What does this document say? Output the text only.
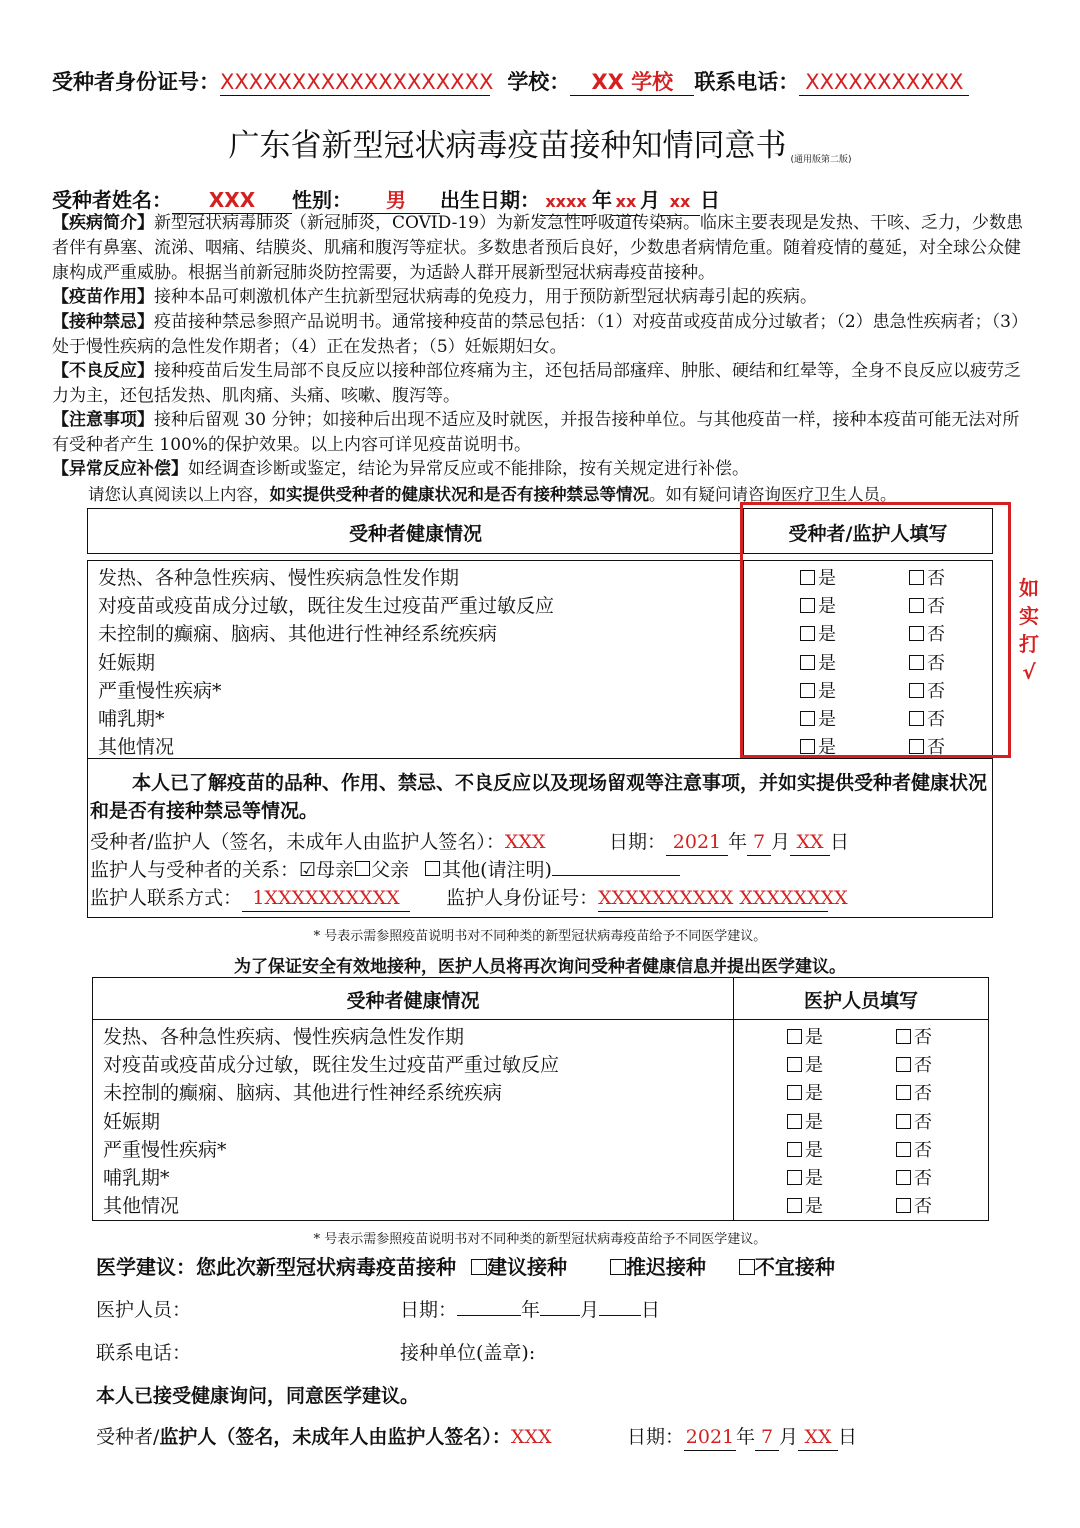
受种者身份证号：XXXXXXXXXXXXXXXXXXX 学校： XX 学校 联系电话： XXXXXXXXXXX
广东省新型冠状病毒疫苗接种知情同意书 (通用版第二版)
受种者姓名： XXX 性别： 男 出生日期： xxxx 年 xx 月 xx 日
【疾病简介】新型冠状病毒肺炎（新冠肺炎，COVID-19）为新发急性呼吸道传染病。临床主要表现是发热、干咳、乏力，少数患者伴有鼻塞、流涕、咽痛、结膜炎、肌痛和腹泻等症状。多数患者预后良好，少数患者病情危重。随着疫情的蔓延，对全球公众健康构成严重威胁。根据当前新冠肺炎防控需要，为适龄人群开展新型冠状病毒疫苗接种。
【疫苗作用】接种本品可刺激机体产生抗新型冠状病毒的免疫力，用于预防新型冠状病毒引起的疾病。
【接种禁忌】疫苗接种禁忌参照产品说明书。通常接种疫苗的禁忌包括：（1）对疫苗或疫苗成分过敏者；（2）患急性疾病者；（3）处于慢性疾病的急性发作期者；（4）正在发热者；（5）妊娠期妇女。
【不良反应】接种疫苗后发生局部不良反应以接种部位疼痛为主，还包括局部瘙痒、肿胀、硬结和红晕等，全身不良反应以疲劳乏力为主，还包括发热、肌肉痛、头痛、咳嗽、腹泻等。
【注意事项】接种后留观 30 分钟；如接种后出现不适应及时就医，并报告接种单位。与其他疫苗一样，接种本疫苗可能无法对所有受种者产生 100%的保护效果。以上内容可详见疫苗说明书。
【异常反应补偿】如经调查诊断或鉴定，结论为异常反应或不能排除，按有关规定进行补偿。
请您认真阅读以上内容，如实提供受种者的健康状况和是否有接种禁忌等情况。如有疑问请咨询医疗卫生人员。
受种者健康情况	受种者/监护人填写
发热、各种急性疾病、慢性疾病急性发作期	是	否
对疫苗或疫苗成分过敏，既往发生过疫苗严重过敏反应	是	否
未控制的癫痫、脑病、其他进行性神经系统疾病	是	否
妊娠期	是	否
严重慢性疾病*	是	否
哺乳期*	是	否
其他情况	是	否
如
实
打
√
本人已了解疫苗的品种、作用、禁忌、不良反应以及现场留观等注意事项，并如实提供受种者健康状况和是否有接种禁忌等情况。
受种者/监护人（签名，未成年人由监护人签名）：XXX	日期： 2021 年 7 月 XX 日
监护人与受种者的关系：☑母亲 父亲 其他(请注明)
监护人联系方式： 1XXXXXXXXXX 监护人身份证号：XXXXXXXXXX XXXXXXXX
* 号表示需参照疫苗说明书对不同种类的新型冠状病毒疫苗给予不同医学建议。
为了保证安全有效地接种，医护人员将再次询问受种者健康信息并提出医学建议。
受种者健康情况	医护人员填写
发热、各种急性疾病、慢性疾病急性发作期	是	否
对疫苗或疫苗成分过敏，既往发生过疫苗严重过敏反应	是	否
未控制的癫痫、脑病、其他进行性神经系统疾病	是	否
妊娠期	是	否
严重慢性疾病*	是	否
哺乳期*	是	否
其他情况	是	否
* 号表示需参照疫苗说明书对不同种类的新型冠状病毒疫苗给予不同医学建议。
医学建议：您此次新型冠状病毒疫苗接种 建议接种	推迟接种 不宜接种
医护人员：	日期：	年 月 日
联系电话：	接种单位(盖章):
本人已接受健康询问，同意医学建议。
受种者/监护人（签名，未成年人由监护人签名）：XXX	日期：2021年 7 月 XX 日
